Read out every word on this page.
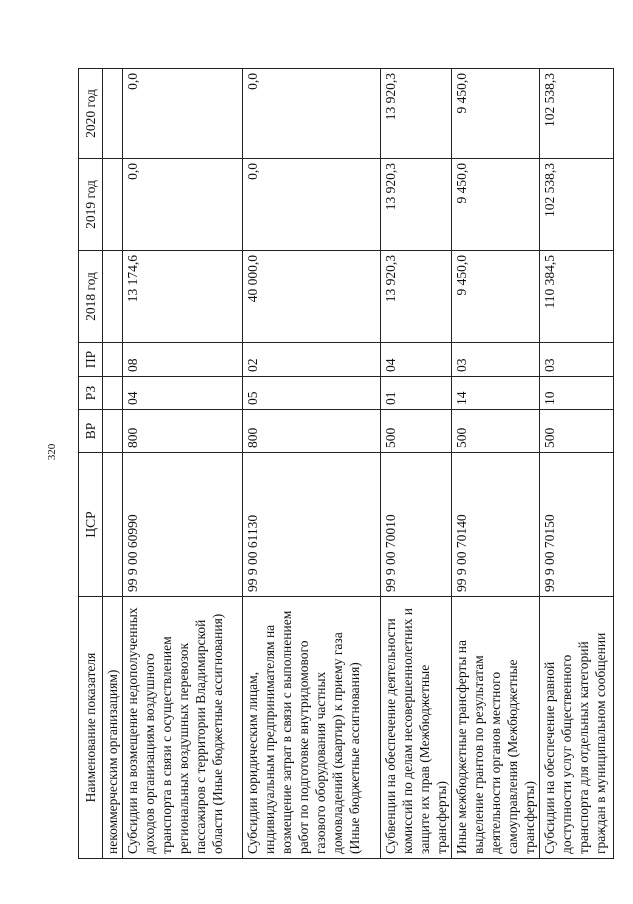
320
Наименование показателя	ЦСР	ВР	РЗ	ПР	2018 год	2019 год	2020 год
некоммерческим организациям)							
Субсидии на возмещение недополученных доходов организациям воздушного транспорта в связи с осуществлением региональных воздушных перевозок пассажиров с территории Владимирской области (Иные бюджетные ассигнования)	99 9 00 60990	800	04	08	13 174,6	0,0	0,0
Субсидии юридическим лицам, индивидуальным предпринимателям на возмещение затрат в связи с выполнением работ по подготовке внутридомового газового оборудования частных домовладений (квартир) к приему газа (Иные бюджетные ассигнования)	99 9 00 61130	800	05	02	40 000,0	0,0	0,0
Субвенции на обеспечение деятельности комиссий по делам несовершеннолетних и защите их прав (Межбюджетные трансферты)	99 9 00 70010	500	01	04	13 920,3	13 920,3	13 920,3
Иные межбюджетные трансферты на выделение грантов по результатам деятельности органов местного самоуправления (Межбюджетные трансферты)	99 9 00 70140	500	14	03	9 450,0	9 450,0	9 450,0
Субсидии на обеспечение равной доступности услуг общественного транспорта для отдельных категорий граждан в муниципальном сообщении	99 9 00 70150	500	10	03	110 384,5	102 538,3	102 538,3
